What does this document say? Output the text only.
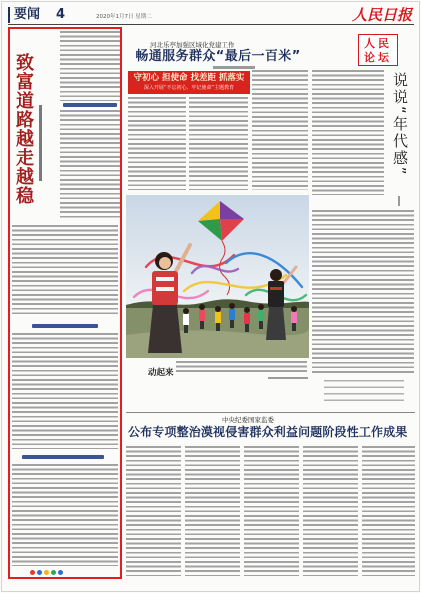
要闻 4	2020年1月7日 星期二	人民日报
致富道路越走越稳
河北乐亭加强区域化党建工作
畅通服务群众“最后一百米”
守初心 担使命 找差距 抓落实
深入开展“不忘初心、牢记使命”主题教育
动起来
人民论坛
说说“年代感”
中央纪委国家监委
公布专项整治漠视侵害群众利益问题阶段性工作成果
